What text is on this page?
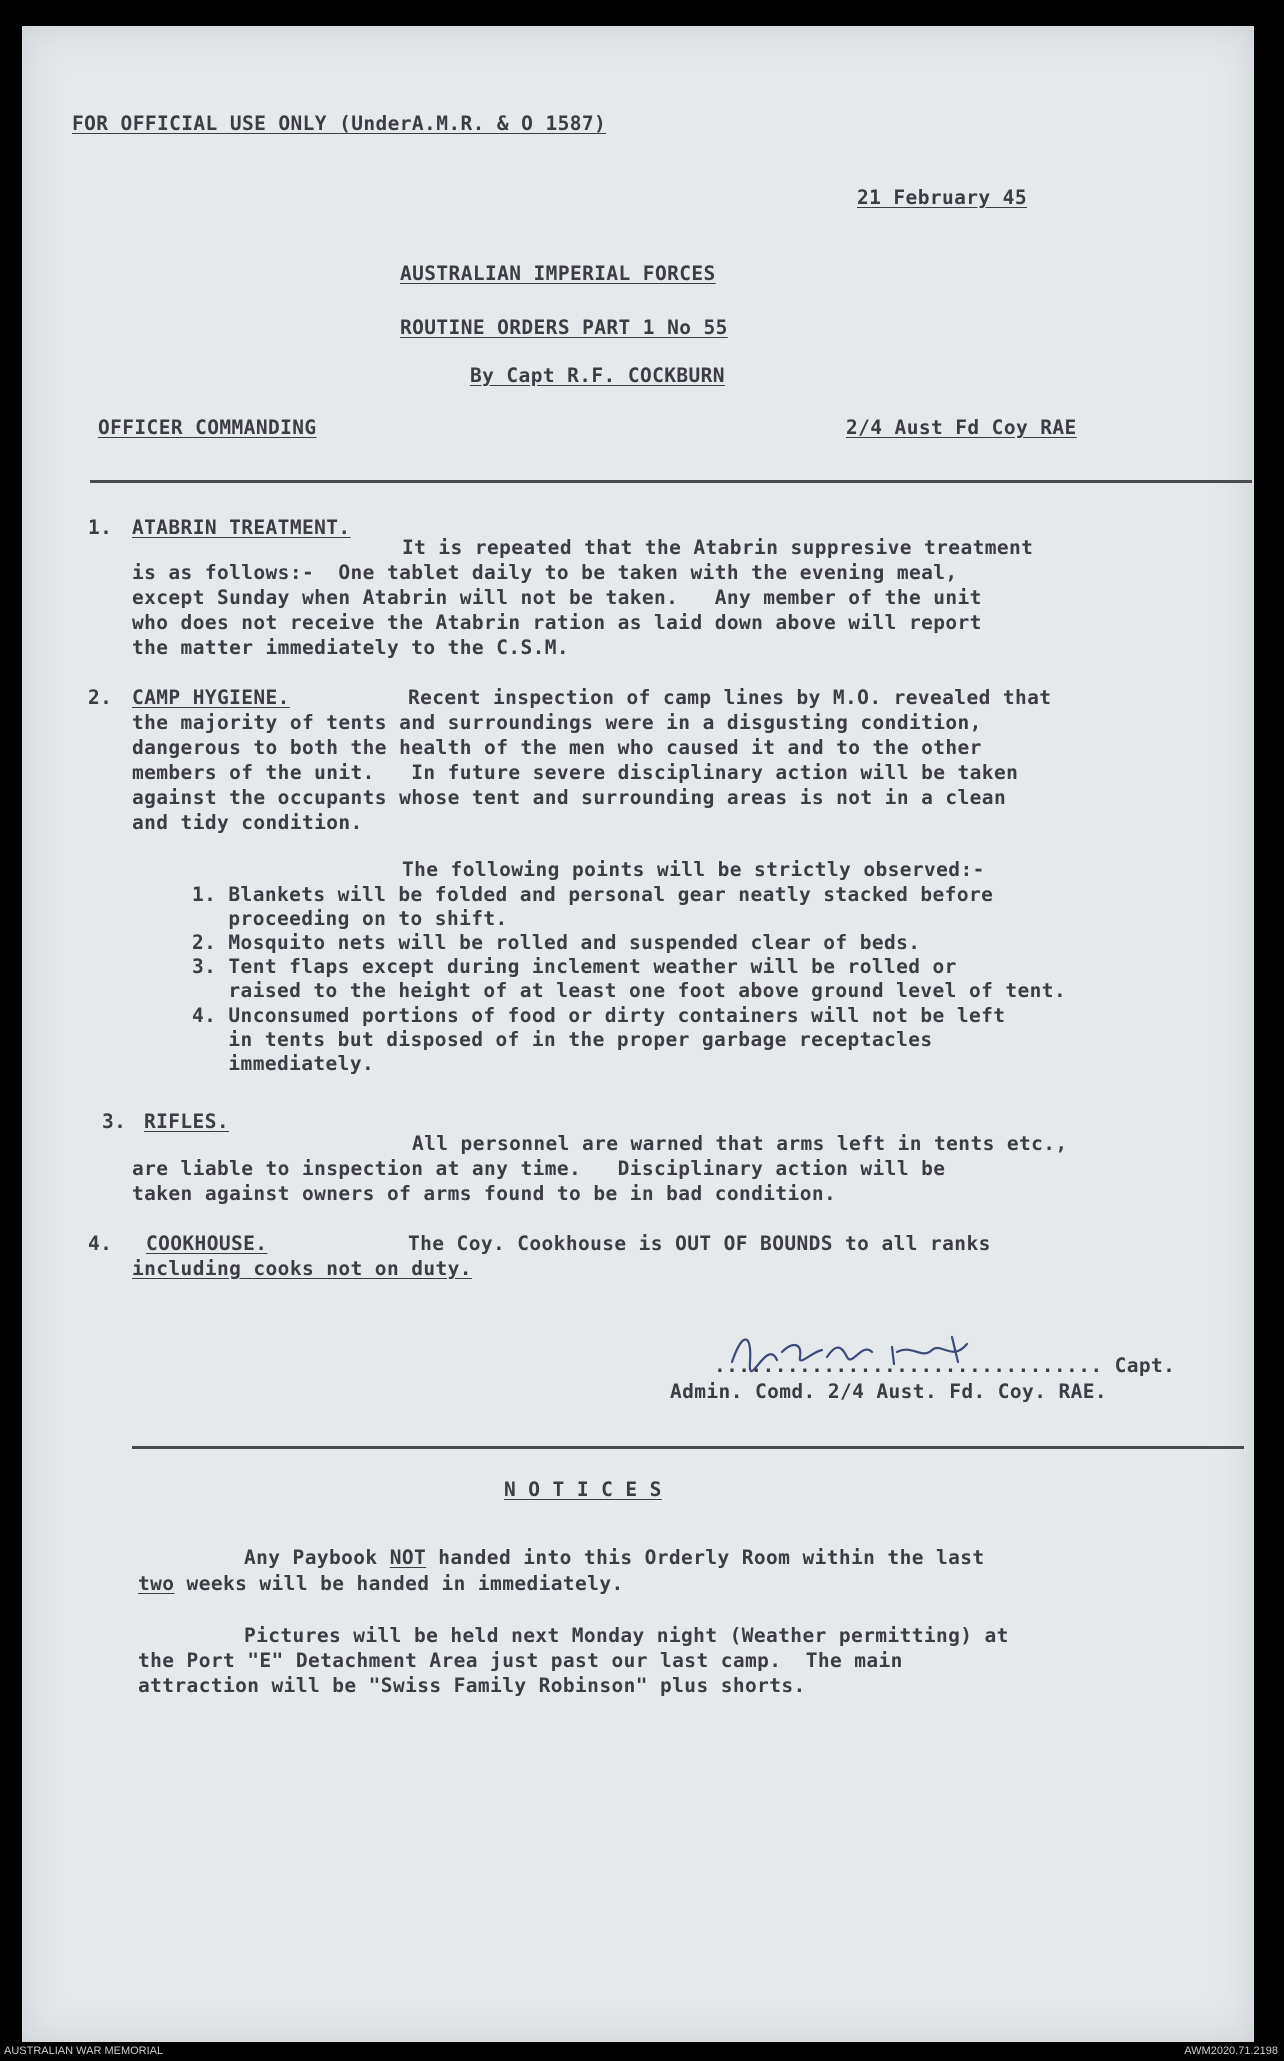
FOR OFFICIAL USE ONLY (UnderA.M.R. & O 1587)
21 February 45
AUSTRALIAN IMPERIAL FORCES
ROUTINE ORDERS PART 1 No 55
By Capt R.F. COCKBURN
OFFICER COMMANDING	2/4 Aust Fd Coy RAE
1. ATABRIN TREATMENT.
It is repeated that the Atabrin suppresive treatment
is as follows:-  One tablet daily to be taken with the evening meal,
except Sunday when Atabrin will not be taken.   Any member of the unit
who does not receive the Atabrin ration as laid down above will report
the matter immediately to the C.S.M.
2. CAMP HYGIENE.	Recent inspection of camp lines by M.O. revealed that
the majority of tents and surroundings were in a disgusting condition,
dangerous to both the health of the men who caused it and to the other
members of the unit.   In future severe disciplinary action will be taken
against the occupants whose tent and surrounding areas is not in a clean
and tidy condition.
The following points will be strictly observed:-
1. Blankets will be folded and personal gear neatly stacked before
proceeding on to shift.
2. Mosquito nets will be rolled and suspended clear of beds.
3. Tent flaps except during inclement weather will be rolled or
raised to the height of at least one foot above ground level of tent.
4. Unconsumed portions of food or dirty containers will not be left
in tents but disposed of in the proper garbage receptacles
immediately.
3. RIFLES.
All personnel are warned that arms left in tents etc.,
are liable to inspection at any time.   Disciplinary action will be
taken against owners of arms found to be in bad condition.
4. COOKHOUSE.	The Coy. Cookhouse is OUT OF BOUNDS to all ranks
including cooks not on duty.
................................ Capt.
Admin. Comd. 2/4 Aust. Fd. Coy. RAE.
N O T I C E S
Any Paybook NOT handed into this Orderly Room within the last
two weeks will be handed in immediately.
Pictures will be held next Monday night (Weather permitting) at
the Port "E" Detachment Area just past our last camp.  The main
attraction will be "Swiss Family Robinson" plus shorts.
AUSTRALIAN WAR MEMORIAL	AWM2020.71.2198
